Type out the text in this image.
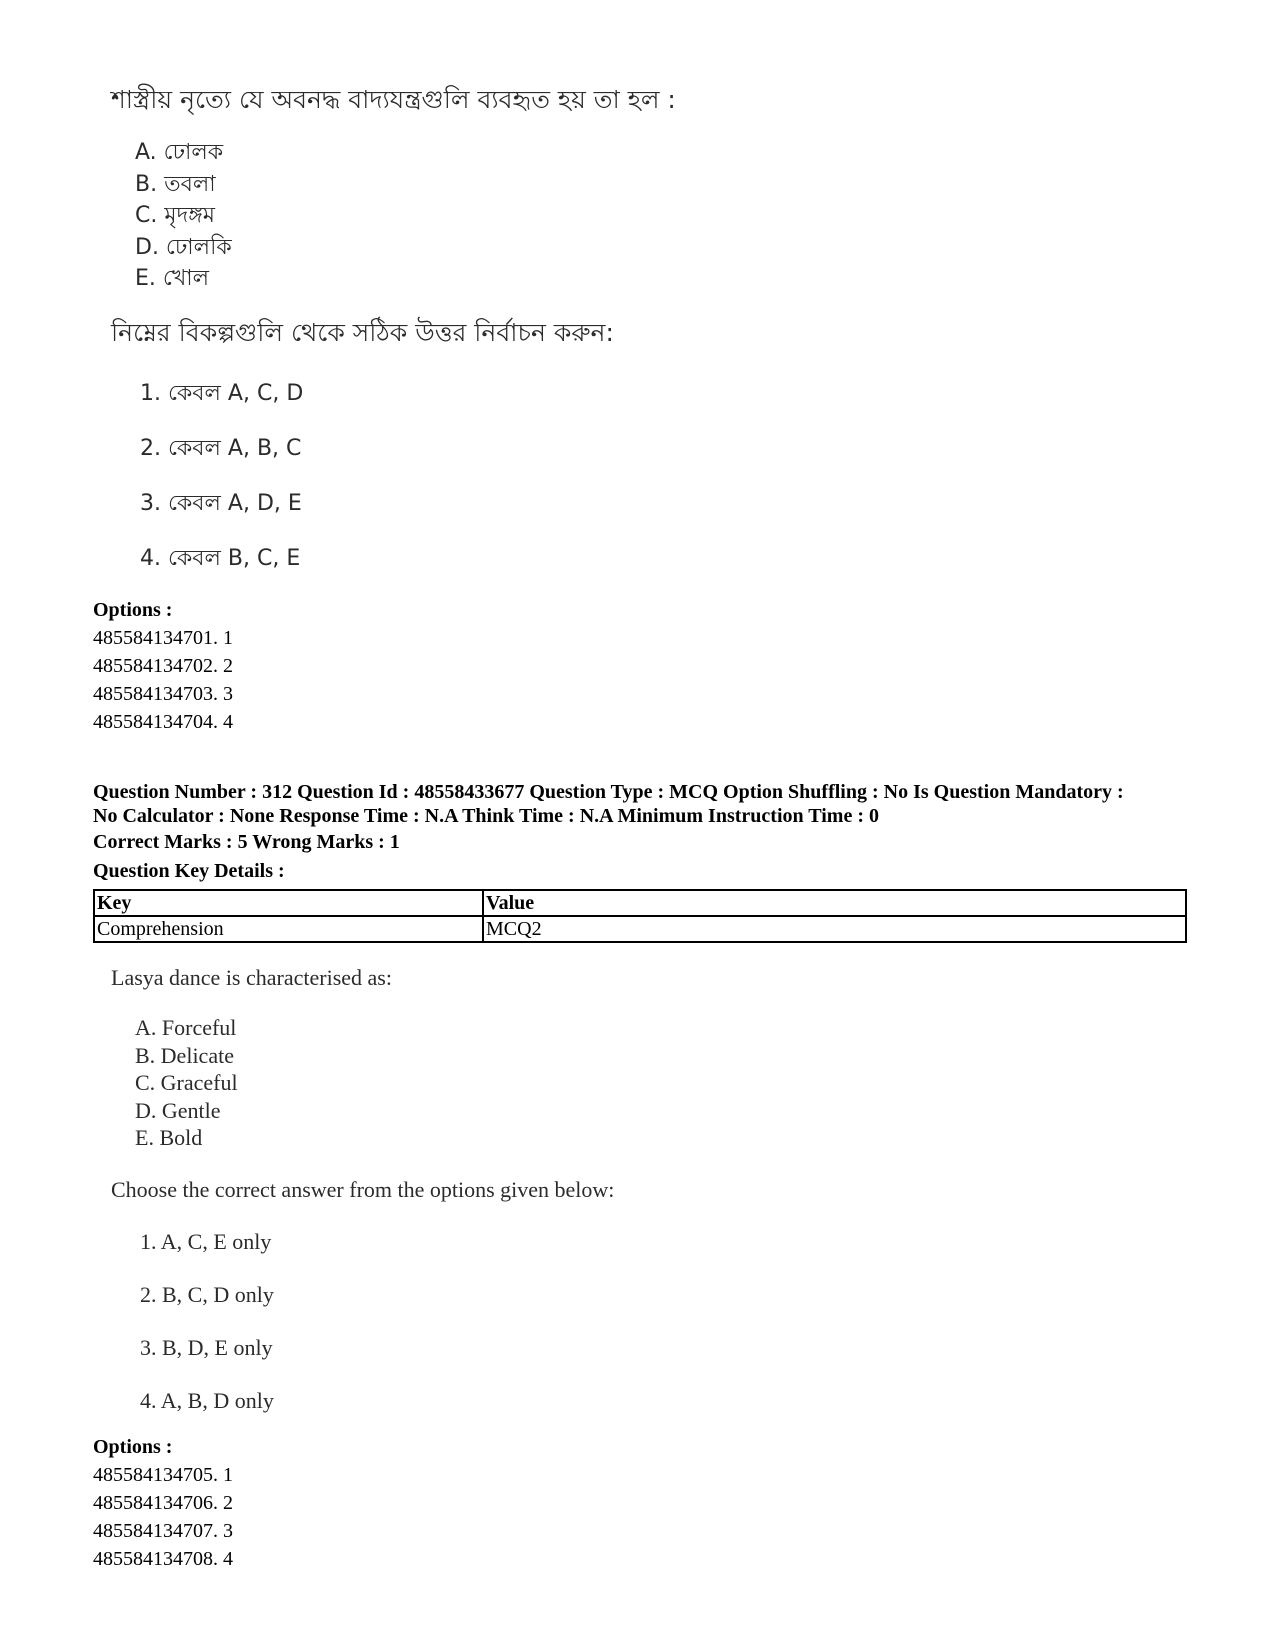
শাস্ত্রীয় নৃত্যে যে অবনদ্ধ বাদ্যযন্ত্রগুলি ব্যবহৃত হয় তা হল :
A. ঢোলক
B. তবলা
C. মৃদঙ্গম
D. ঢোলকি
E. খোল
নিম্নের বিকল্পগুলি থেকে সঠিক উত্তর নির্বাচন করুন:
1. কেবল A, C, D
2. কেবল A, B, C
3. কেবল A, D, E
4. কেবল B, C, E
Options :
485584134701. 1
485584134702. 2
485584134703. 3
485584134704. 4
Question Number : 312 Question Id : 48558433677 Question Type : MCQ Option Shuffling : No Is Question Mandatory :
No Calculator : None Response Time : N.A Think Time : N.A Minimum Instruction Time : 0
Correct Marks : 5 Wrong Marks : 1
Question Key Details :
Key	Value
Comprehension	MCQ2
Lasya dance is characterised as:
A. Forceful
B. Delicate
C. Graceful
D. Gentle
E. Bold
Choose the correct answer from the options given below:
1. A, C, E only
2. B, C, D only
3. B, D, E only
4. A, B, D only
Options :
485584134705. 1
485584134706. 2
485584134707. 3
485584134708. 4
